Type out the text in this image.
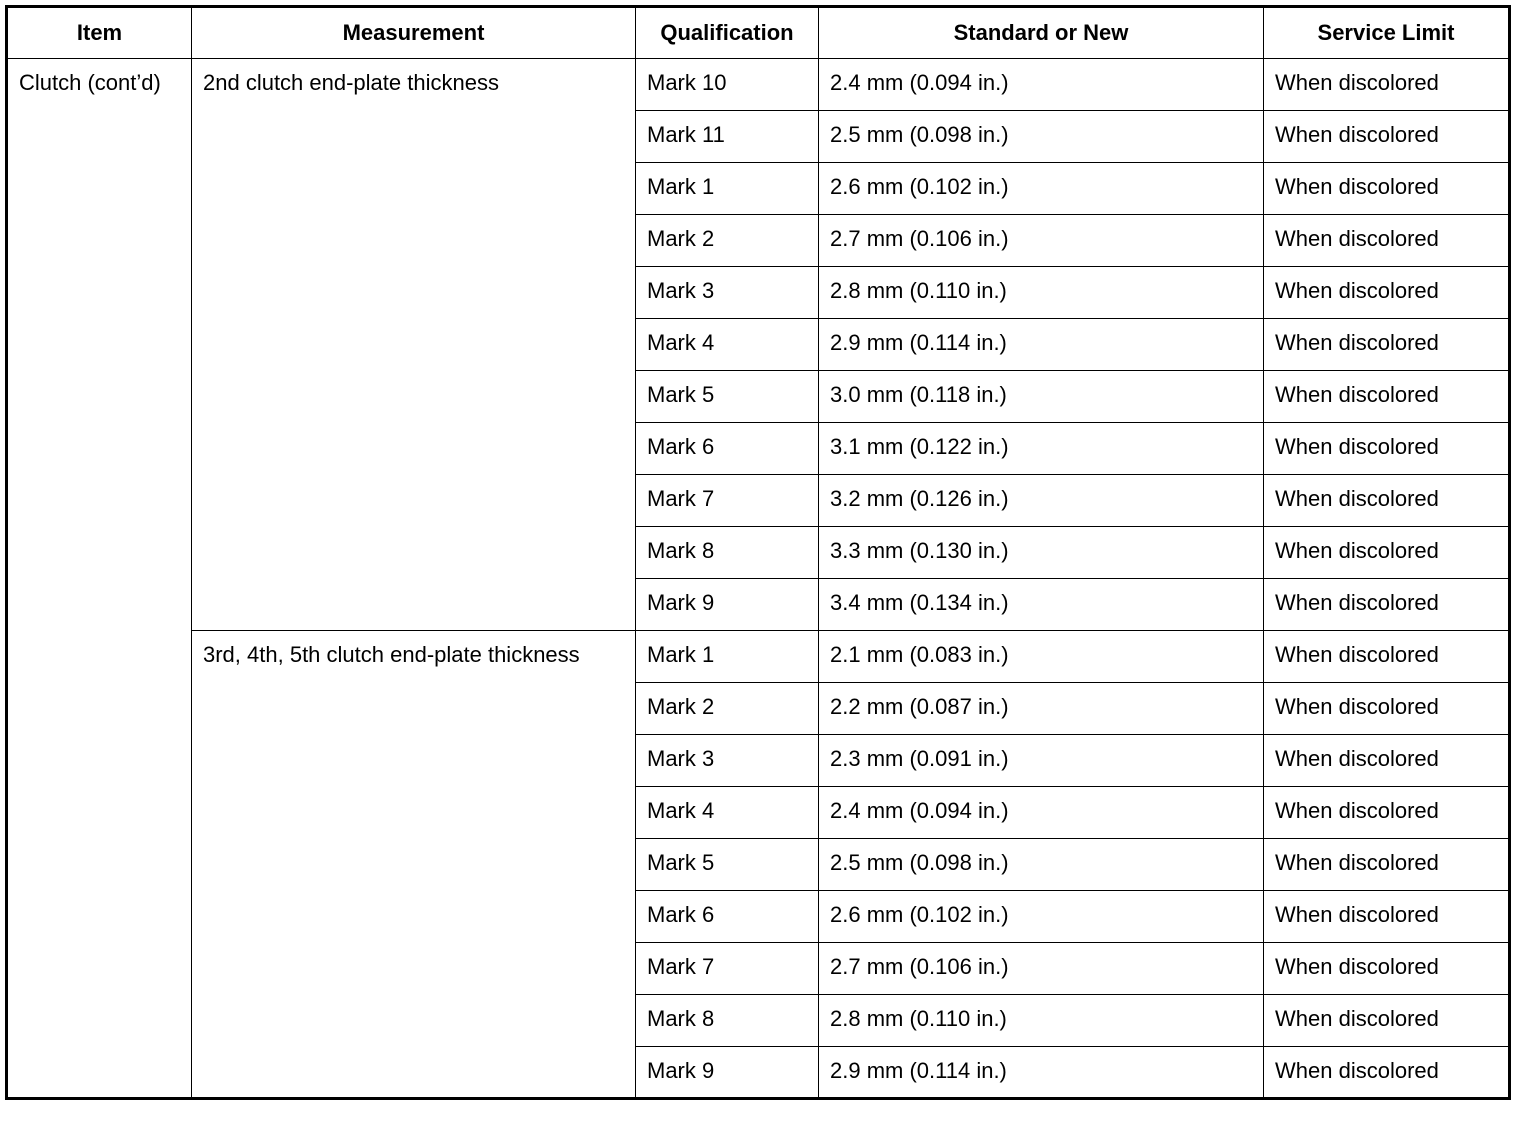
Item	Measurement	Qualification	Standard or New	Service Limit
Clutch (cont’d)	2nd clutch end-plate thickness	Mark 10	2.4 mm (0.094 in.)	When discolored
		Mark 11	2.5 mm (0.098 in.)	When discolored
		Mark 1	2.6 mm (0.102 in.)	When discolored
		Mark 2	2.7 mm (0.106 in.)	When discolored
		Mark 3	2.8 mm (0.110 in.)	When discolored
		Mark 4	2.9 mm (0.114 in.)	When discolored
		Mark 5	3.0 mm (0.118 in.)	When discolored
		Mark 6	3.1 mm (0.122 in.)	When discolored
		Mark 7	3.2 mm (0.126 in.)	When discolored
		Mark 8	3.3 mm (0.130 in.)	When discolored
		Mark 9	3.4 mm (0.134 in.)	When discolored
	3rd, 4th, 5th clutch end-plate thickness	Mark 1	2.1 mm (0.083 in.)	When discolored
		Mark 2	2.2 mm (0.087 in.)	When discolored
		Mark 3	2.3 mm (0.091 in.)	When discolored
		Mark 4	2.4 mm (0.094 in.)	When discolored
		Mark 5	2.5 mm (0.098 in.)	When discolored
		Mark 6	2.6 mm (0.102 in.)	When discolored
		Mark 7	2.7 mm (0.106 in.)	When discolored
		Mark 8	2.8 mm (0.110 in.)	When discolored
		Mark 9	2.9 mm (0.114 in.)	When discolored
